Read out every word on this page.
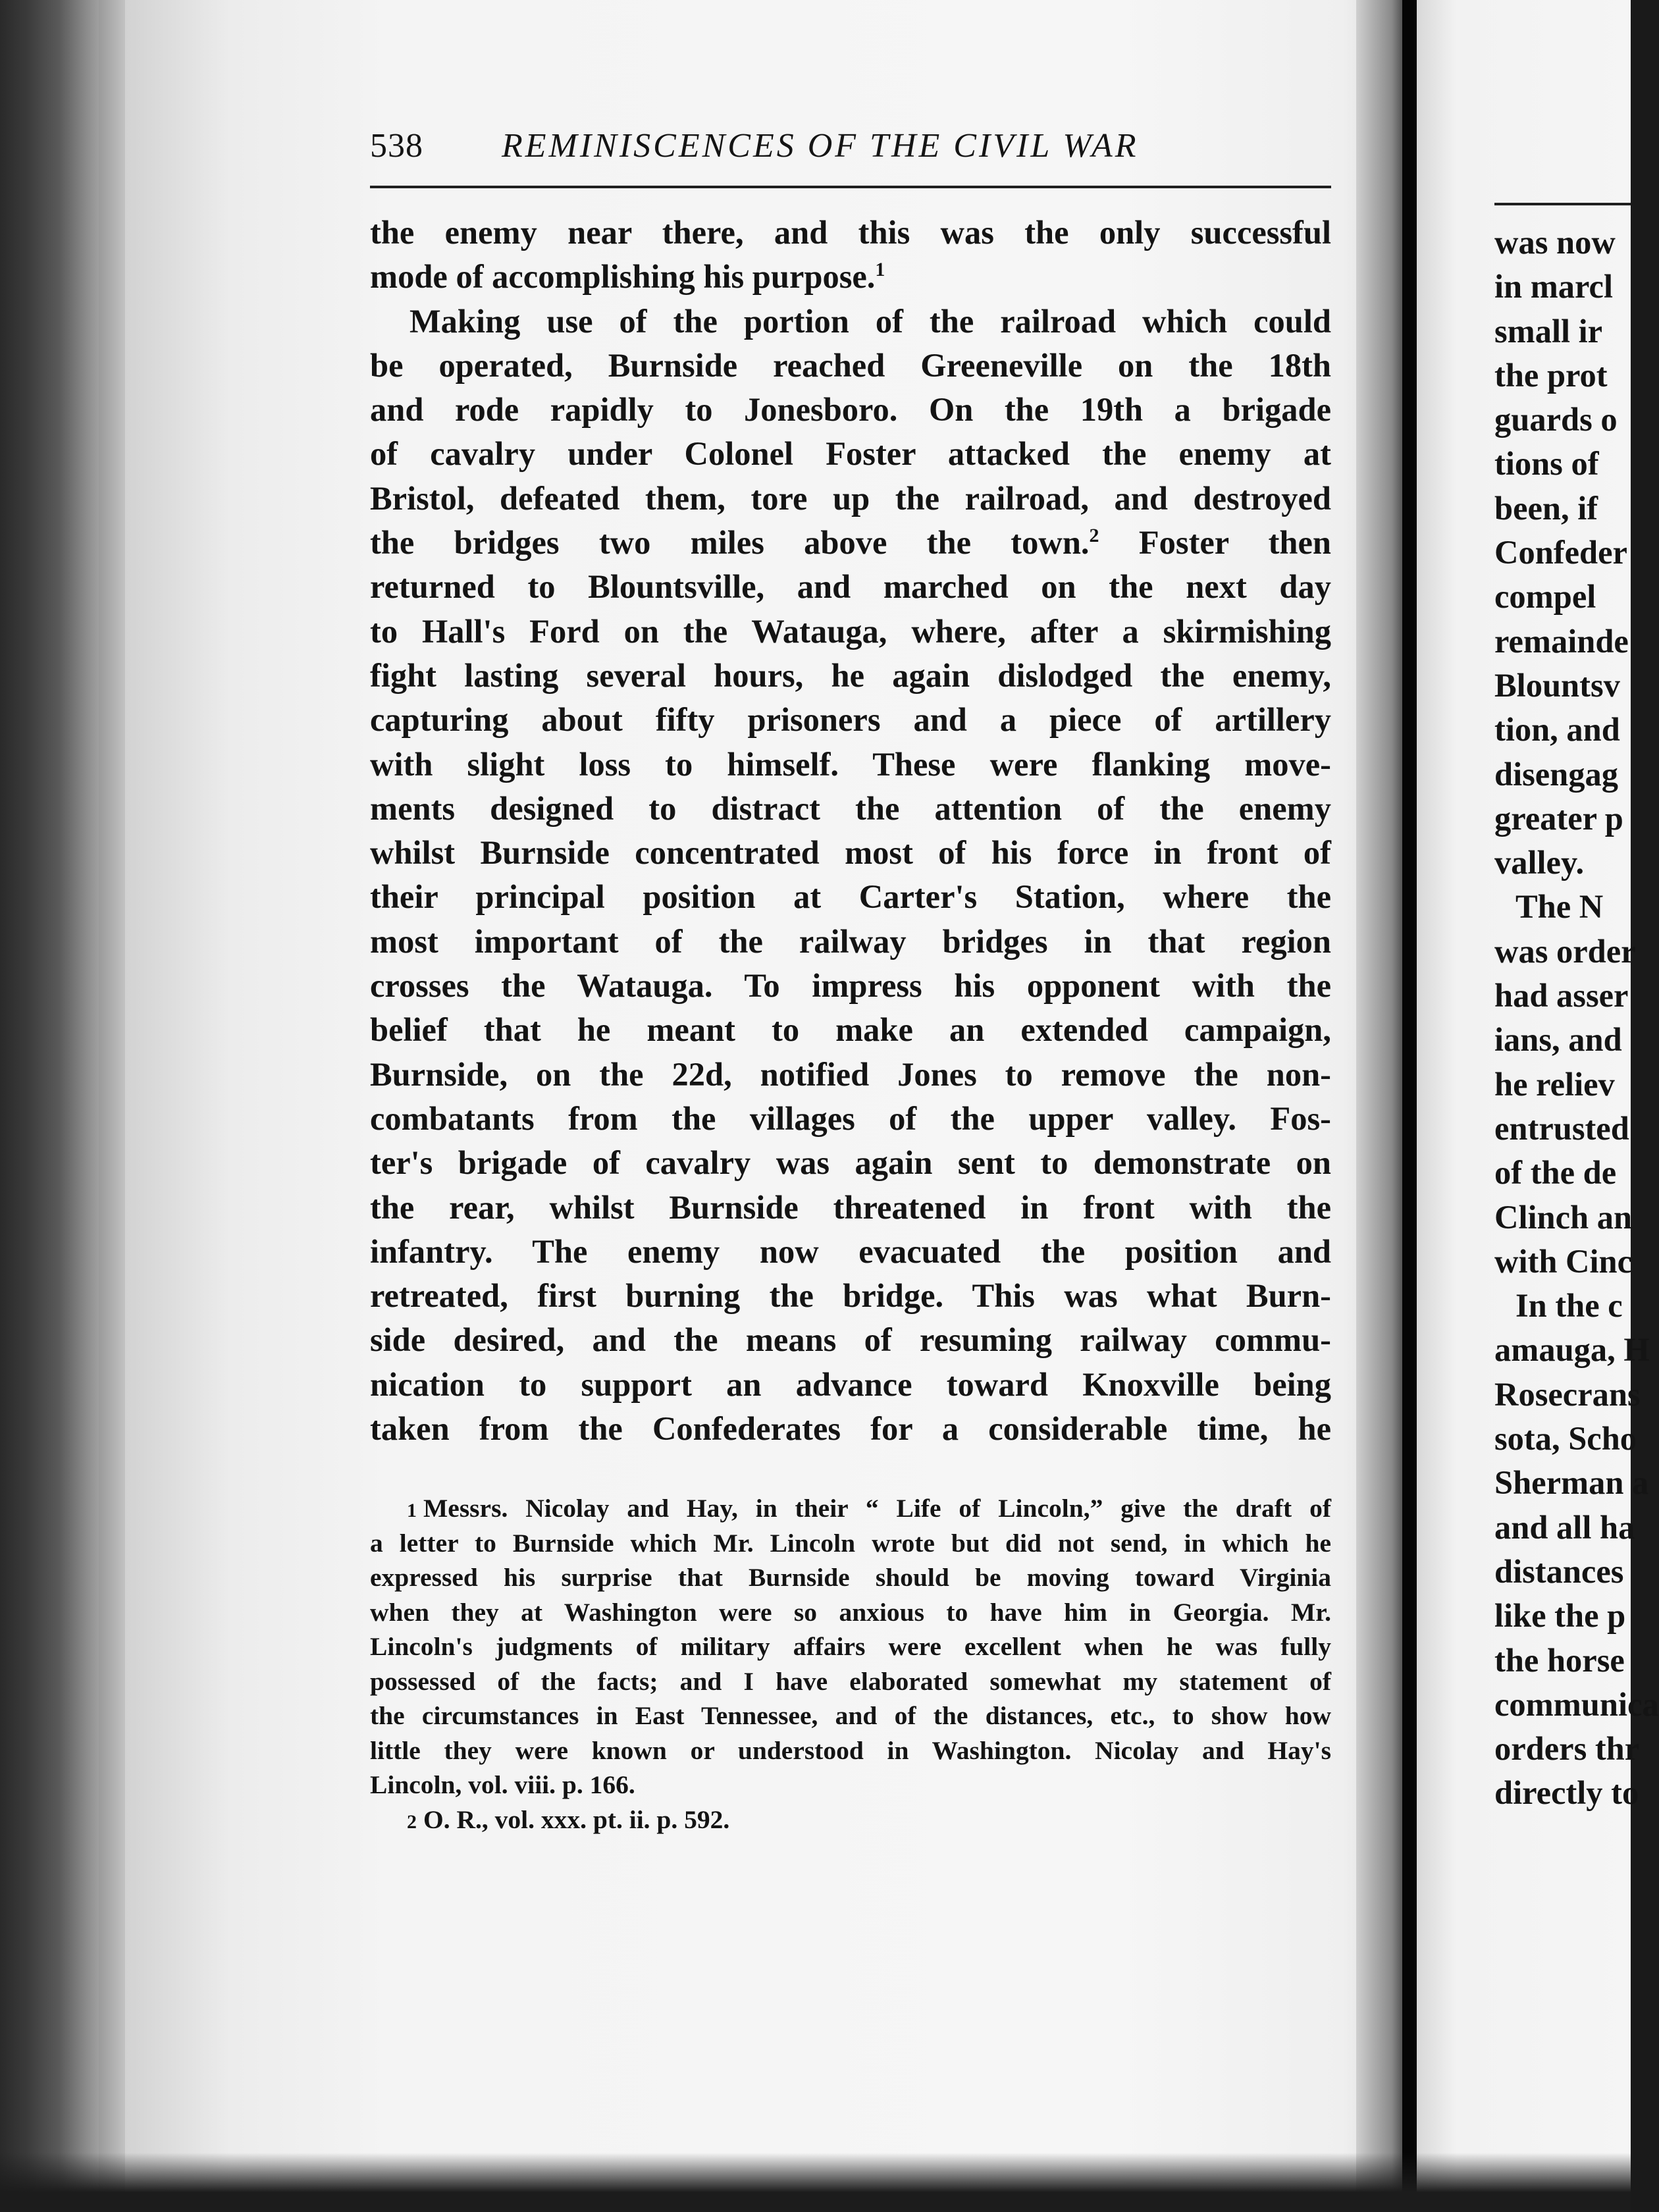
538 REMINISCENCES OF THE CIVIL WAR
the enemy near there, and this was the only successful
mode of accomplishing his purpose.$^1$
Making use of the portion of the railroad which could
be operated, Burnside reached Greeneville on the 18th
and rode rapidly to Jonesboro. On the 19th a brigade
of cavalry under Colonel Foster attacked the enemy at
Bristol, defeated them, tore up the railroad, and destroyed
the bridges two miles above the town.$^2$ Foster then
returned to Blountsville, and marched on the next day
to Hall's Ford on the Watauga, where, after a skirmishing
fight lasting several hours, he again dislodged the enemy,
capturing about fifty prisoners and a piece of artillery
with slight loss to himself. These were flanking move-
ments designed to distract the attention of the enemy
whilst Burnside concentrated most of his force in front of
their principal position at Carter's Station, where the
most important of the railway bridges in that region
crosses the Watauga. To impress his opponent with the
belief that he meant to make an extended campaign,
Burnside, on the 22d, notified Jones to remove the non-
combatants from the villages of the upper valley. Fos-
ter's brigade of cavalry was again sent to demonstrate on
the rear, whilst Burnside threatened in front with the
infantry. The enemy now evacuated the position and
retreated, first burning the bridge. This was what Burn-
side desired, and the means of resuming railway commu-
nication to support an advance toward Knoxville being
taken from the Confederates for a considerable time, he
1 Messrs. Nicolay and Hay, in their “ Life of Lincoln,” give the draft of
a letter to Burnside which Mr. Lincoln wrote but did not send, in which he
expressed his surprise that Burnside should be moving toward Virginia
when they at Washington were so anxious to have him in Georgia. Mr.
Lincoln's judgments of military affairs were excellent when he was fully
possessed of the facts; and I have elaborated somewhat my statement of
the circumstances in East Tennessee, and of the distances, etc., to show how
little they were known or understood in Washington. Nicolay and Hay's
Lincoln, vol. viii. p. 166.
2 O. R., vol. xxx. pt. ii. p. 592.
was now
in marcl
small ir
the prot
guards o
tions of
been, if
Confeder
compel
remainde
Blountsv
tion, and
disengag
greater p
valley.
The N
was order
had asser
ians, and
he reliev
entrusted
of the de
Clinch an
with Cinc
In the c
amauga, H
Rosecrans
sota, Scho
Sherman a
and all ha
distances
like the p
the horse
communica
orders thr
directly to
